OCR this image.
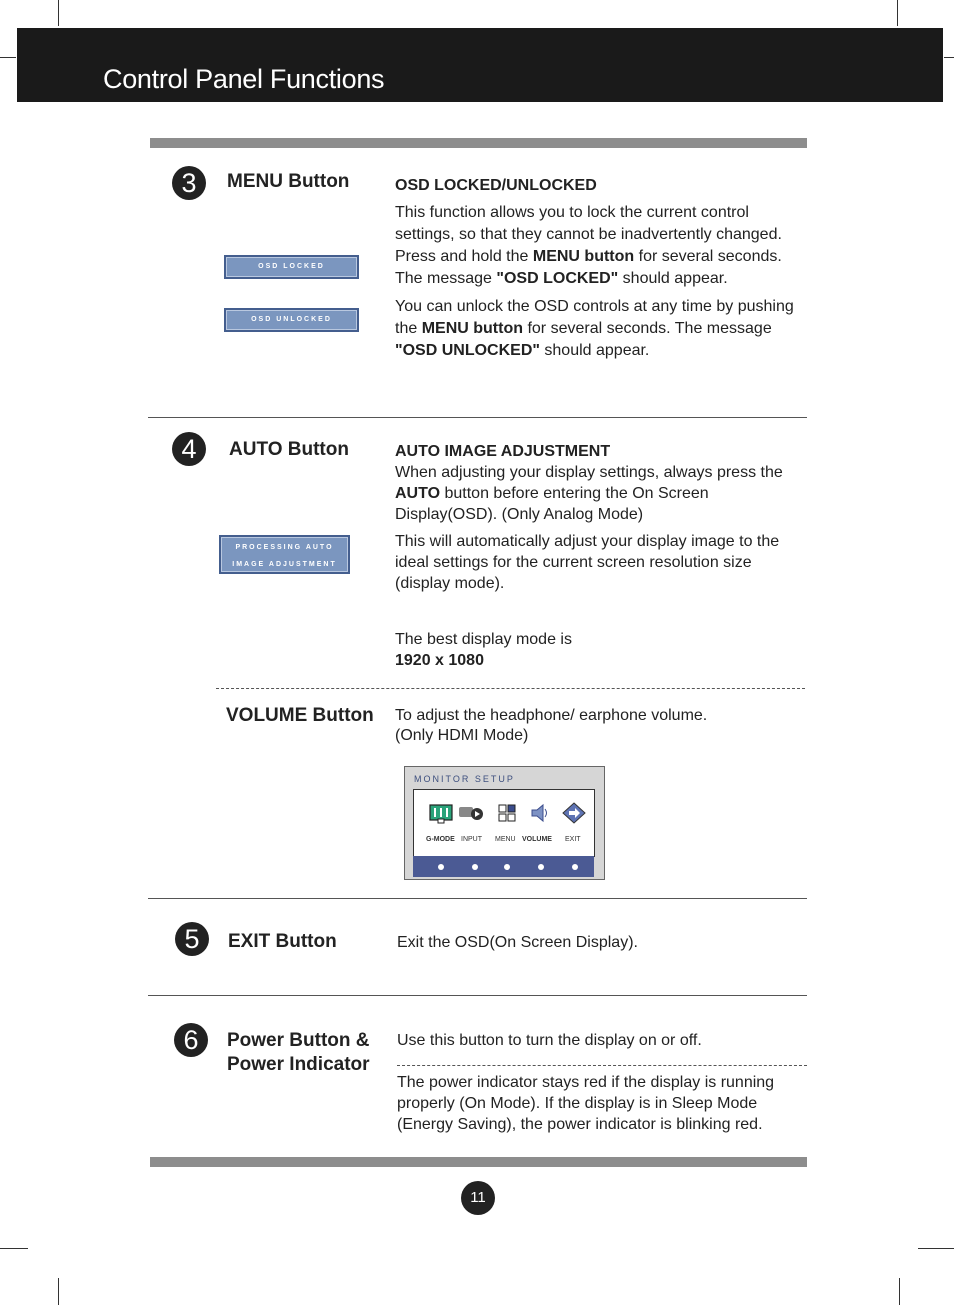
Control Panel Functions
3	MENU Button	OSD LOCKED/UNLOCKED
This function allows you to lock the current control settings, so that they cannot be inadvertently changed. Press and hold the MENU button for several seconds. The message "OSD LOCKED" should appear.
You can unlock the OSD controls at any time by pushing the MENU button for several seconds. The message "OSD UNLOCKED" should appear.
OSD LOCKED
OSD UNLOCKED
4	AUTO Button	AUTO IMAGE ADJUSTMENT
When adjusting your display settings, always press the AUTO button before entering the On Screen Display(OSD). (Only Analog Mode)
This will automatically adjust your display image to the ideal settings for the current screen resolution size (display mode).
The best display mode is
1920 x 1080
PROCESSING AUTO
IMAGE ADJUSTMENT
VOLUME Button To adjust the headphone/ earphone volume.
(Only HDMI Mode)
MONITOR SETUP
G-MODE INPUT MENU VOLUME EXIT
5	EXIT Button	Exit the OSD(On Screen Display).
6	Power Button &
Power Indicator
Use this button to turn the display on or off.
The power indicator stays red if the display is running properly (On Mode). If the display is in Sleep Mode (Energy Saving), the power indicator is blinking red.
11
